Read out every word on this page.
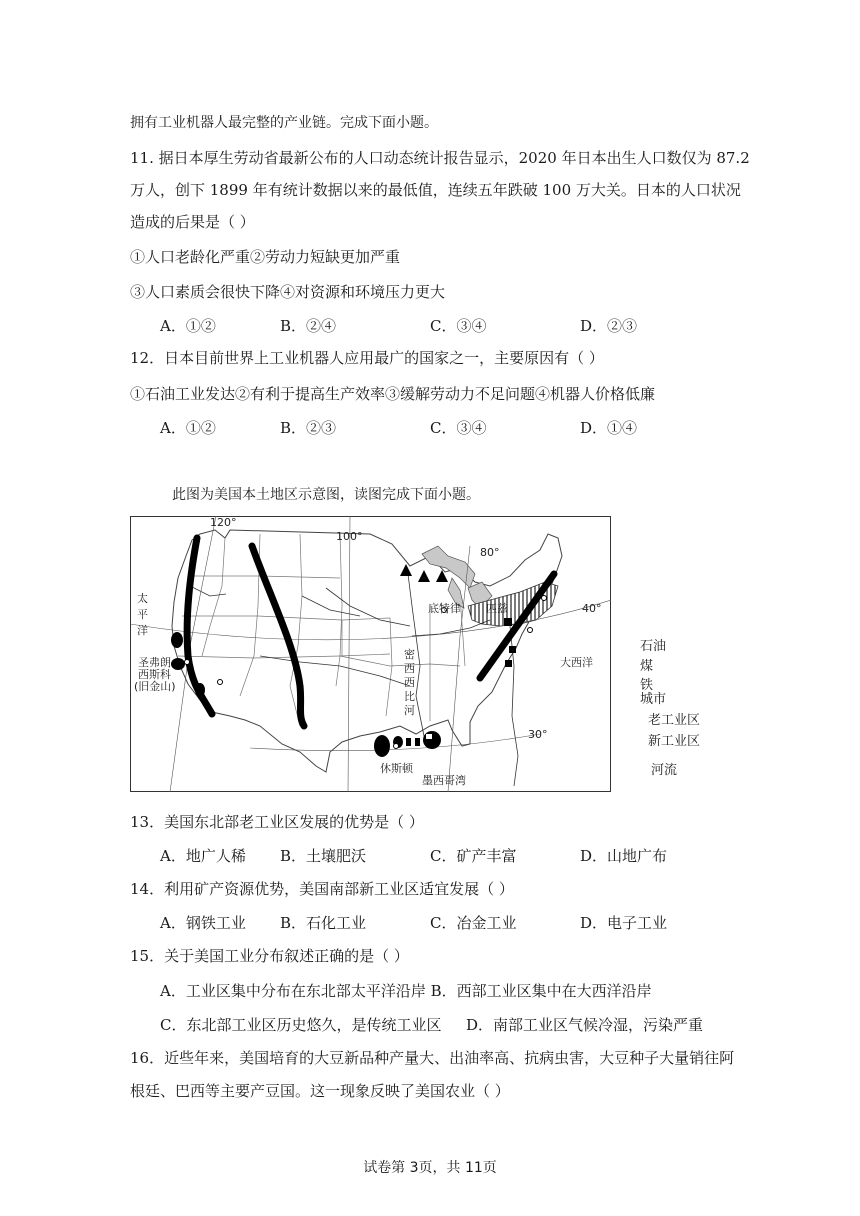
拥有工业机器人最完整的产业链。完成下面小题。
11. 据日本厚生劳动省最新公布的人口动态统计报告显示，2020 年日本出生人口数仅为 87.2
万人，创下 1899 年有统计数据以来的最低值，连续五年跌破 100 万大关。日本的人口状况
造成的后果是（ ）
①人口老龄化严重②劳动力短缺更加严重
③人口素质会很快下降④对资源和环境压力更大
A．①②	B．②④	C．③④	D．②③
12．日本目前世界上工业机器人应用最广的国家之一，主要原因有（ ）
①石油工业发达②有利于提高生产效率③缓解劳动力不足问题④机器人价格低廉
A．①②	B．②③	C．③④	D．①④
此图为美国本土地区示意图，读图完成下面小题。
120°
100°
80°
40°
30°
太
平
洋
圣弗朗
西斯科
(旧金山)
密
西
西
比
河
底特律 匹兹
大西洋
休斯顿
墨西哥湾
石油
煤
铁
城市
老工业区
新工业区
河流
13．美国东北部老工业区发展的优势是（ ）
A．地广人稀 B．土壤肥沃	C．矿产丰富	D．山地广布
14．利用矿产资源优势，美国南部新工业区适宜发展（ ）
A．钢铁工业 B．石化工业	C．冶金工业	D．电子工业
15．关于美国工业分布叙述正确的是（ ）
A．工业区集中分布在东北部太平洋沿岸 B．西部工业区集中在大西洋沿岸
C．东北部工业区历史悠久，是传统工业区 D．南部工业区气候冷湿，污染严重
16．近些年来，美国培育的大豆新品种产量大、出油率高、抗病虫害，大豆种子大量销往阿
根廷、巴西等主要产豆国。这一现象反映了美国农业（ ）
试卷第 3页，共 11页
